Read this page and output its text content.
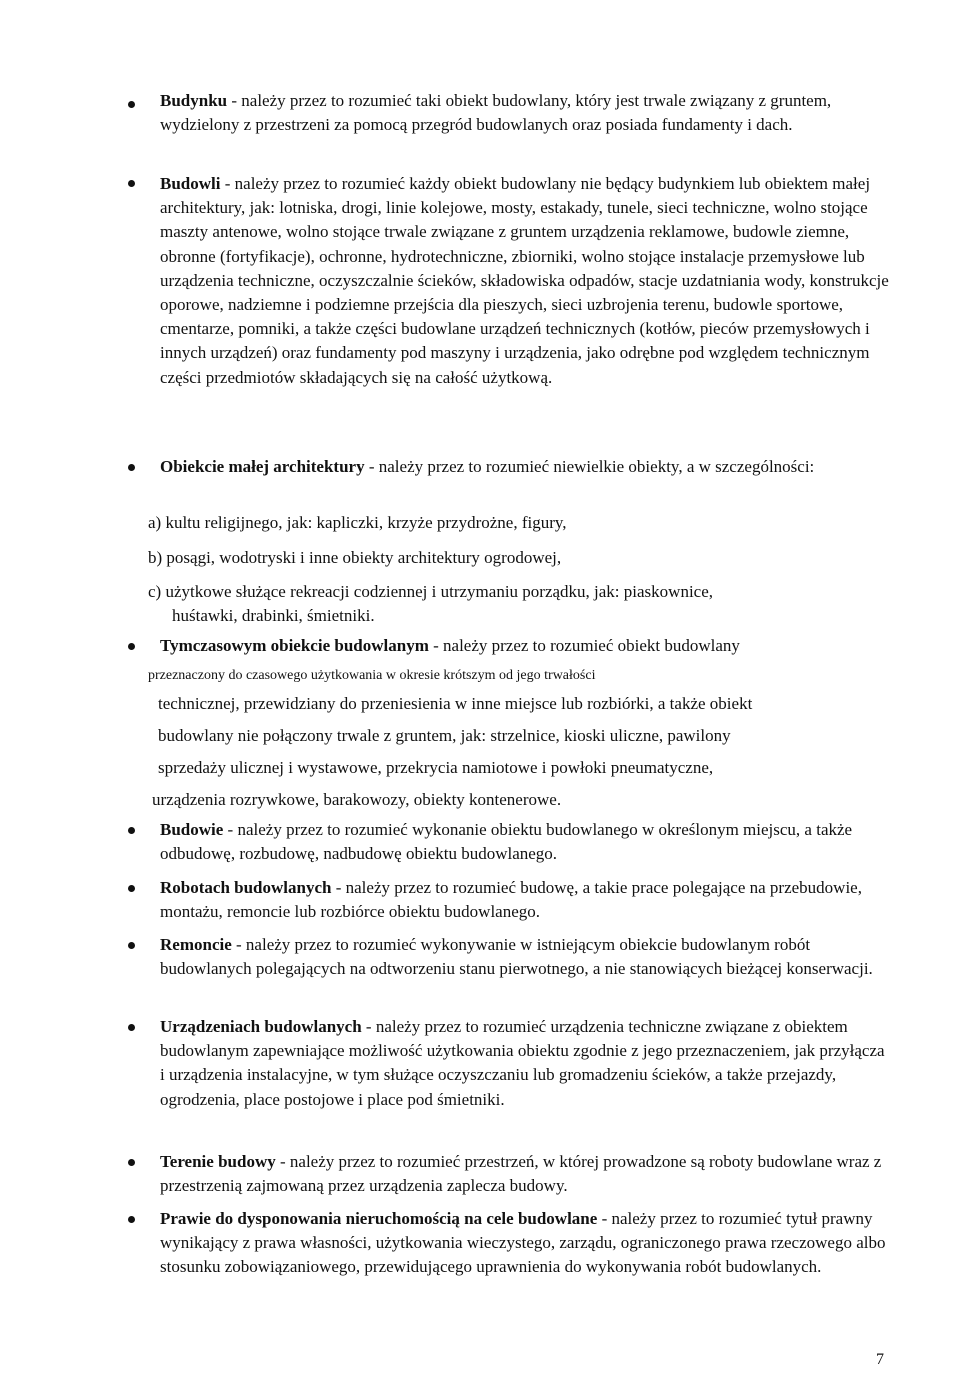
Budynku - należy przez to rozumieć taki obiekt budowlany, który jest trwale związany z gruntem, wydzielony z przestrzeni za pomocą przegród budowlanych oraz posiada fundamenty i dach.
Budowli - należy przez to rozumieć każdy obiekt budowlany nie będący budynkiem lub obiektem małej architektury, jak: lotniska, drogi, linie kolejowe, mosty, estakady, tunele, sieci techniczne, wolno stojące maszty antenowe, wolno stojące trwale związane z gruntem urządzenia reklamowe, budowle ziemne, obronne (fortyfikacje), ochronne, hydrotechniczne, zbiorniki, wolno stojące instalacje przemysłowe lub urządzenia techniczne, oczyszczalnie ścieków, składowiska odpadów, stacje uzdatniania wody, konstrukcje oporowe, nadziemne i podziemne przejścia dla pieszych, sieci uzbrojenia terenu, budowle sportowe, cmentarze, pomniki, a także części budowlane urządzeń technicznych (kotłów, pieców przemysłowych i innych urządzeń) oraz fundamenty pod maszyny i urządzenia, jako odrębne pod względem technicznym części przedmiotów składających się na całość użytkową.
Obiekcie małej architektury - należy przez to rozumieć niewielkie obiekty, a w szczególności:
a) kultu religijnego, jak: kapliczki, krzyże przydrożne, figury,
b) posągi, wodotryski i inne obiekty architektury ogrodowej,
c) użytkowe służące rekreacji codziennej i utrzymaniu porządku, jak: piaskownice,
huśtawki, drabinki, śmietniki.
Tymczasowym obiekcie budowlanym - należy przez to rozumieć obiekt budowlany
przeznaczony do czasowego użytkowania w okresie krótszym od jego trwałości
technicznej, przewidziany do przeniesienia w inne miejsce lub rozbiórki, a także obiekt
budowlany nie połączony trwale z gruntem, jak: strzelnice, kioski uliczne, pawilony
sprzedaży ulicznej i wystawowe, przekrycia namiotowe i powłoki pneumatyczne,
urządzenia rozrywkowe, barakowozy, obiekty kontenerowe.
Budowie - należy przez to rozumieć wykonanie obiektu budowlanego w określonym miejscu, a także odbudowę, rozbudowę, nadbudowę obiektu budowlanego.
Robotach budowlanych - należy przez to rozumieć budowę, a takie prace polegające na przebudowie, montażu, remoncie lub rozbiórce obiektu budowlanego.
Remoncie - należy przez to rozumieć wykonywanie w istniejącym obiekcie budowlanym robót budowlanych polegających na odtworzeniu stanu pierwotnego, a nie stanowiących bieżącej konserwacji.
Urządzeniach budowlanych - należy przez to rozumieć urządzenia techniczne związane z obiektem budowlanym zapewniające możliwość użytkowania obiektu zgodnie z jego przeznaczeniem, jak przyłącza i urządzenia instalacyjne, w tym służące oczyszczaniu lub gromadzeniu ścieków, a także przejazdy, ogrodzenia, place postojowe i place pod śmietniki.
Terenie budowy - należy przez to rozumieć przestrzeń, w której prowadzone są roboty budowlane wraz z przestrzenią zajmowaną przez urządzenia zaplecza budowy.
Prawie do dysponowania nieruchomością na cele budowlane - należy przez to rozumieć tytuł prawny wynikający z prawa własności, użytkowania wieczystego, zarządu, ograniczonego prawa rzeczowego albo stosunku zobowiązaniowego, przewidującego uprawnienia do wykonywania robót budowlanych.
7
